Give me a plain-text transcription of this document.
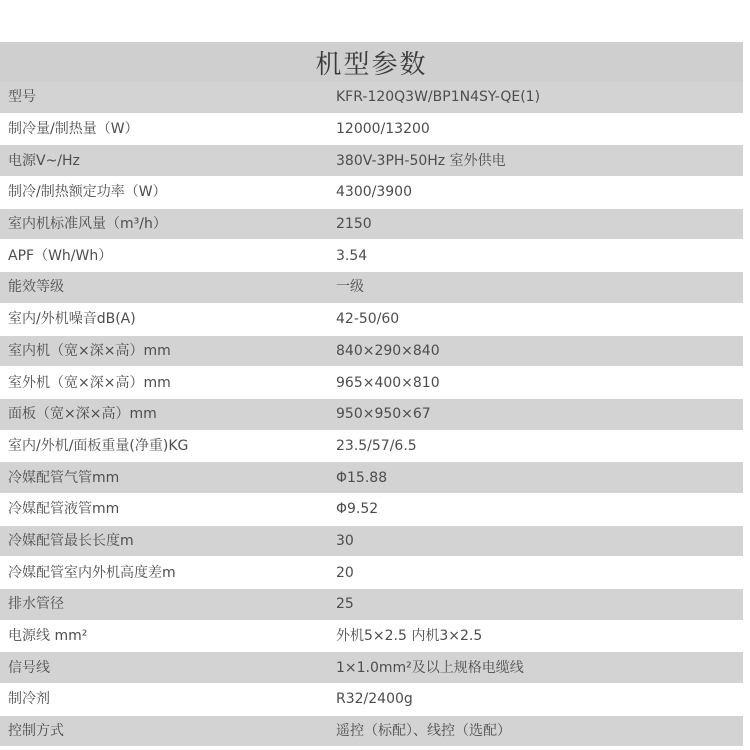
机型参数
型号	KFR-120Q3W/BP1N4SY-QE(1)
制冷量/制热量（W）	12000/13200
电源V~/Hz	380V-3PH-50Hz 室外供电
制冷/制热额定功率（W）	4300/3900
室内机标准风量（m³/h）	2150
APF（Wh/Wh）	3.54
能效等级	一级
室内/外机噪音dB(A)	42-50/60
室内机（宽×深×高）mm	840×290×840
室外机（宽×深×高）mm	965×400×810
面板（宽×深×高）mm	950×950×67
室内/外机/面板重量(净重)KG	23.5/57/6.5
冷媒配管气管mm	Φ15.88
冷媒配管液管mm	Φ9.52
冷媒配管最长长度m	30
冷媒配管室内外机高度差m	20
排水管径	25
电源线 mm²	外机5×2.5 内机3×2.5
信号线	1×1.0mm²及以上规格电缆线
制冷剂	R32/2400g
控制方式	遥控（标配）、线控（选配）
